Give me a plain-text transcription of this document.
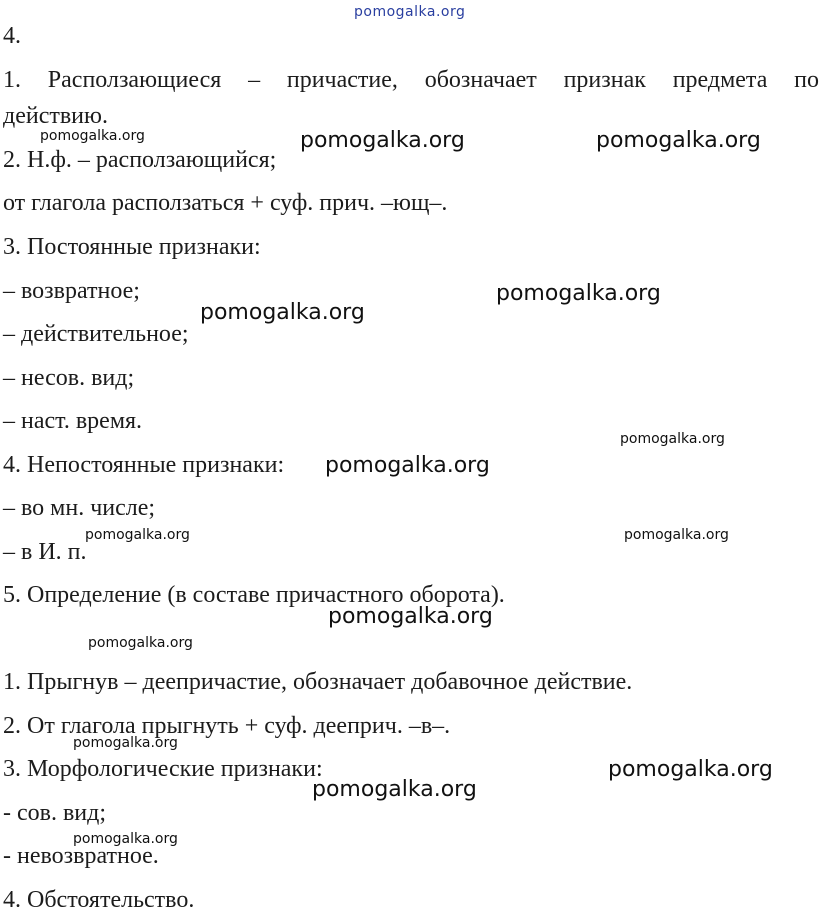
4.
1. Расползающиеся – причастие, обозначает признак предмета по
действию.
2. Н.ф. – расползающийся;
от глагола расползаться + суф. прич. –ющ–.
3. Постоянные признаки:
– возвратное;
– действительное;
– несов. вид;
– наст. время.
4. Непостоянные признаки:
– во мн. числе;
– в И. п.
5. Определение (в составе причастного оборота).
1. Прыгнув – деепричастие, обозначает добавочное действие.
2. От глагола прыгнуть + суф. дееприч. –в–.
3. Морфологические признаки:
- сов. вид;
- невозвратное.
4. Обстоятельство.
pomogalka.org
pomogalka.org	pomogalka.org	pomogalka.org
pomogalka.org
pomogalka.org
pomogalka.org
pomogalka.org
pomogalka.org	pomogalka.org
pomogalka.org
pomogalka.org
pomogalka.org
pomogalka.org
pomogalka.org
pomogalka.org
